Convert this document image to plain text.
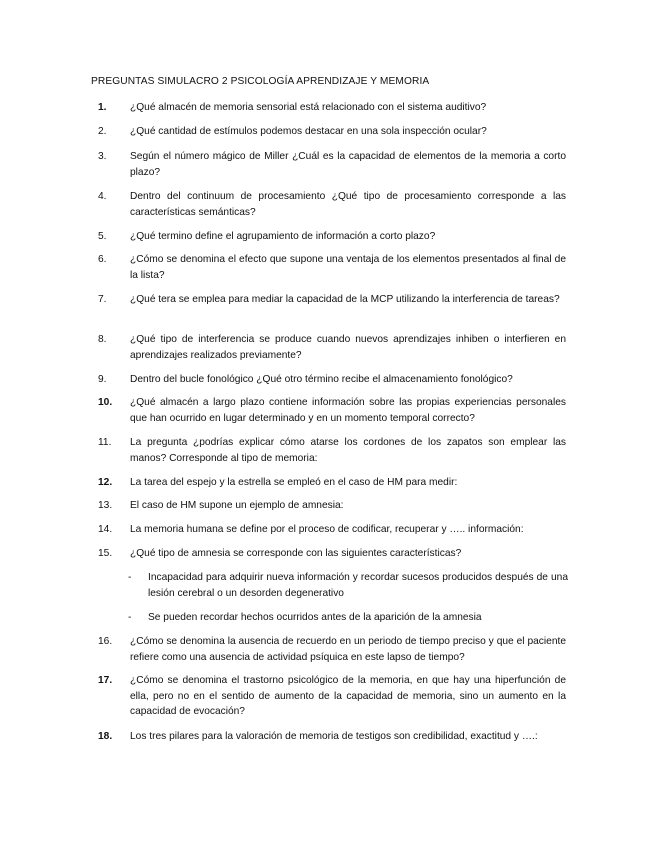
PREGUNTAS SIMULACRO 2 PSICOLOGÍA APRENDIZAJE Y MEMORIA
1.	¿Qué almacén de memoria sensorial está relacionado con el sistema auditivo?
2.	¿Qué cantidad de estímulos podemos destacar en una sola inspección ocular?
3.	Según el número mágico de Miller ¿Cuál es la capacidad de elementos de la memoria a corto plazo?
4.	Dentro del continuum de procesamiento ¿Qué tipo de procesamiento corresponde a las características semánticas?
5.	¿Qué termino define el agrupamiento de información a corto plazo?
6.	¿Cómo se denomina el efecto que supone una ventaja de los elementos presentados al final de la lista?
7.	¿Qué tera se emplea para mediar la capacidad de la MCP utilizando la interferencia de tareas?
8.	¿Qué tipo de interferencia se produce cuando nuevos aprendizajes inhiben o interfieren en aprendizajes realizados previamente?
9.	Dentro del bucle fonológico ¿Qué otro término recibe el almacenamiento fonológico?
10.	¿Qué almacén a largo plazo contiene información sobre las propias experiencias personales que han ocurrido en lugar determinado y en un momento temporal correcto?
11.	La pregunta ¿podrías explicar cómo atarse los cordones de los zapatos son emplear las manos? Corresponde al tipo de memoria:
12.	La tarea del espejo y la estrella se empleó en el caso de HM para medir:
13.	El caso de HM supone un ejemplo de amnesia:
14.	La memoria humana se define por el proceso de codificar, recuperar y ….. información:
15.	¿Qué tipo de amnesia se corresponde con las siguientes características?
- Incapacidad para adquirir nueva información y recordar sucesos producidos después de una lesión cerebral o un desorden degenerativo
- Se pueden recordar hechos ocurridos antes de la aparición de la amnesia
16.	¿Cómo se denomina la ausencia de recuerdo en un periodo de tiempo preciso y que el paciente refiere como una ausencia de actividad psíquica en este lapso de tiempo?
17.	¿Cómo se denomina el trastorno psicológico de la memoria, en que hay una hiperfunción de ella, pero no en el sentido de aumento de la capacidad de memoria, sino un aumento en la capacidad de evocación?
18.	Los tres pilares para la valoración de memoria de testigos son credibilidad, exactitud y ….:
